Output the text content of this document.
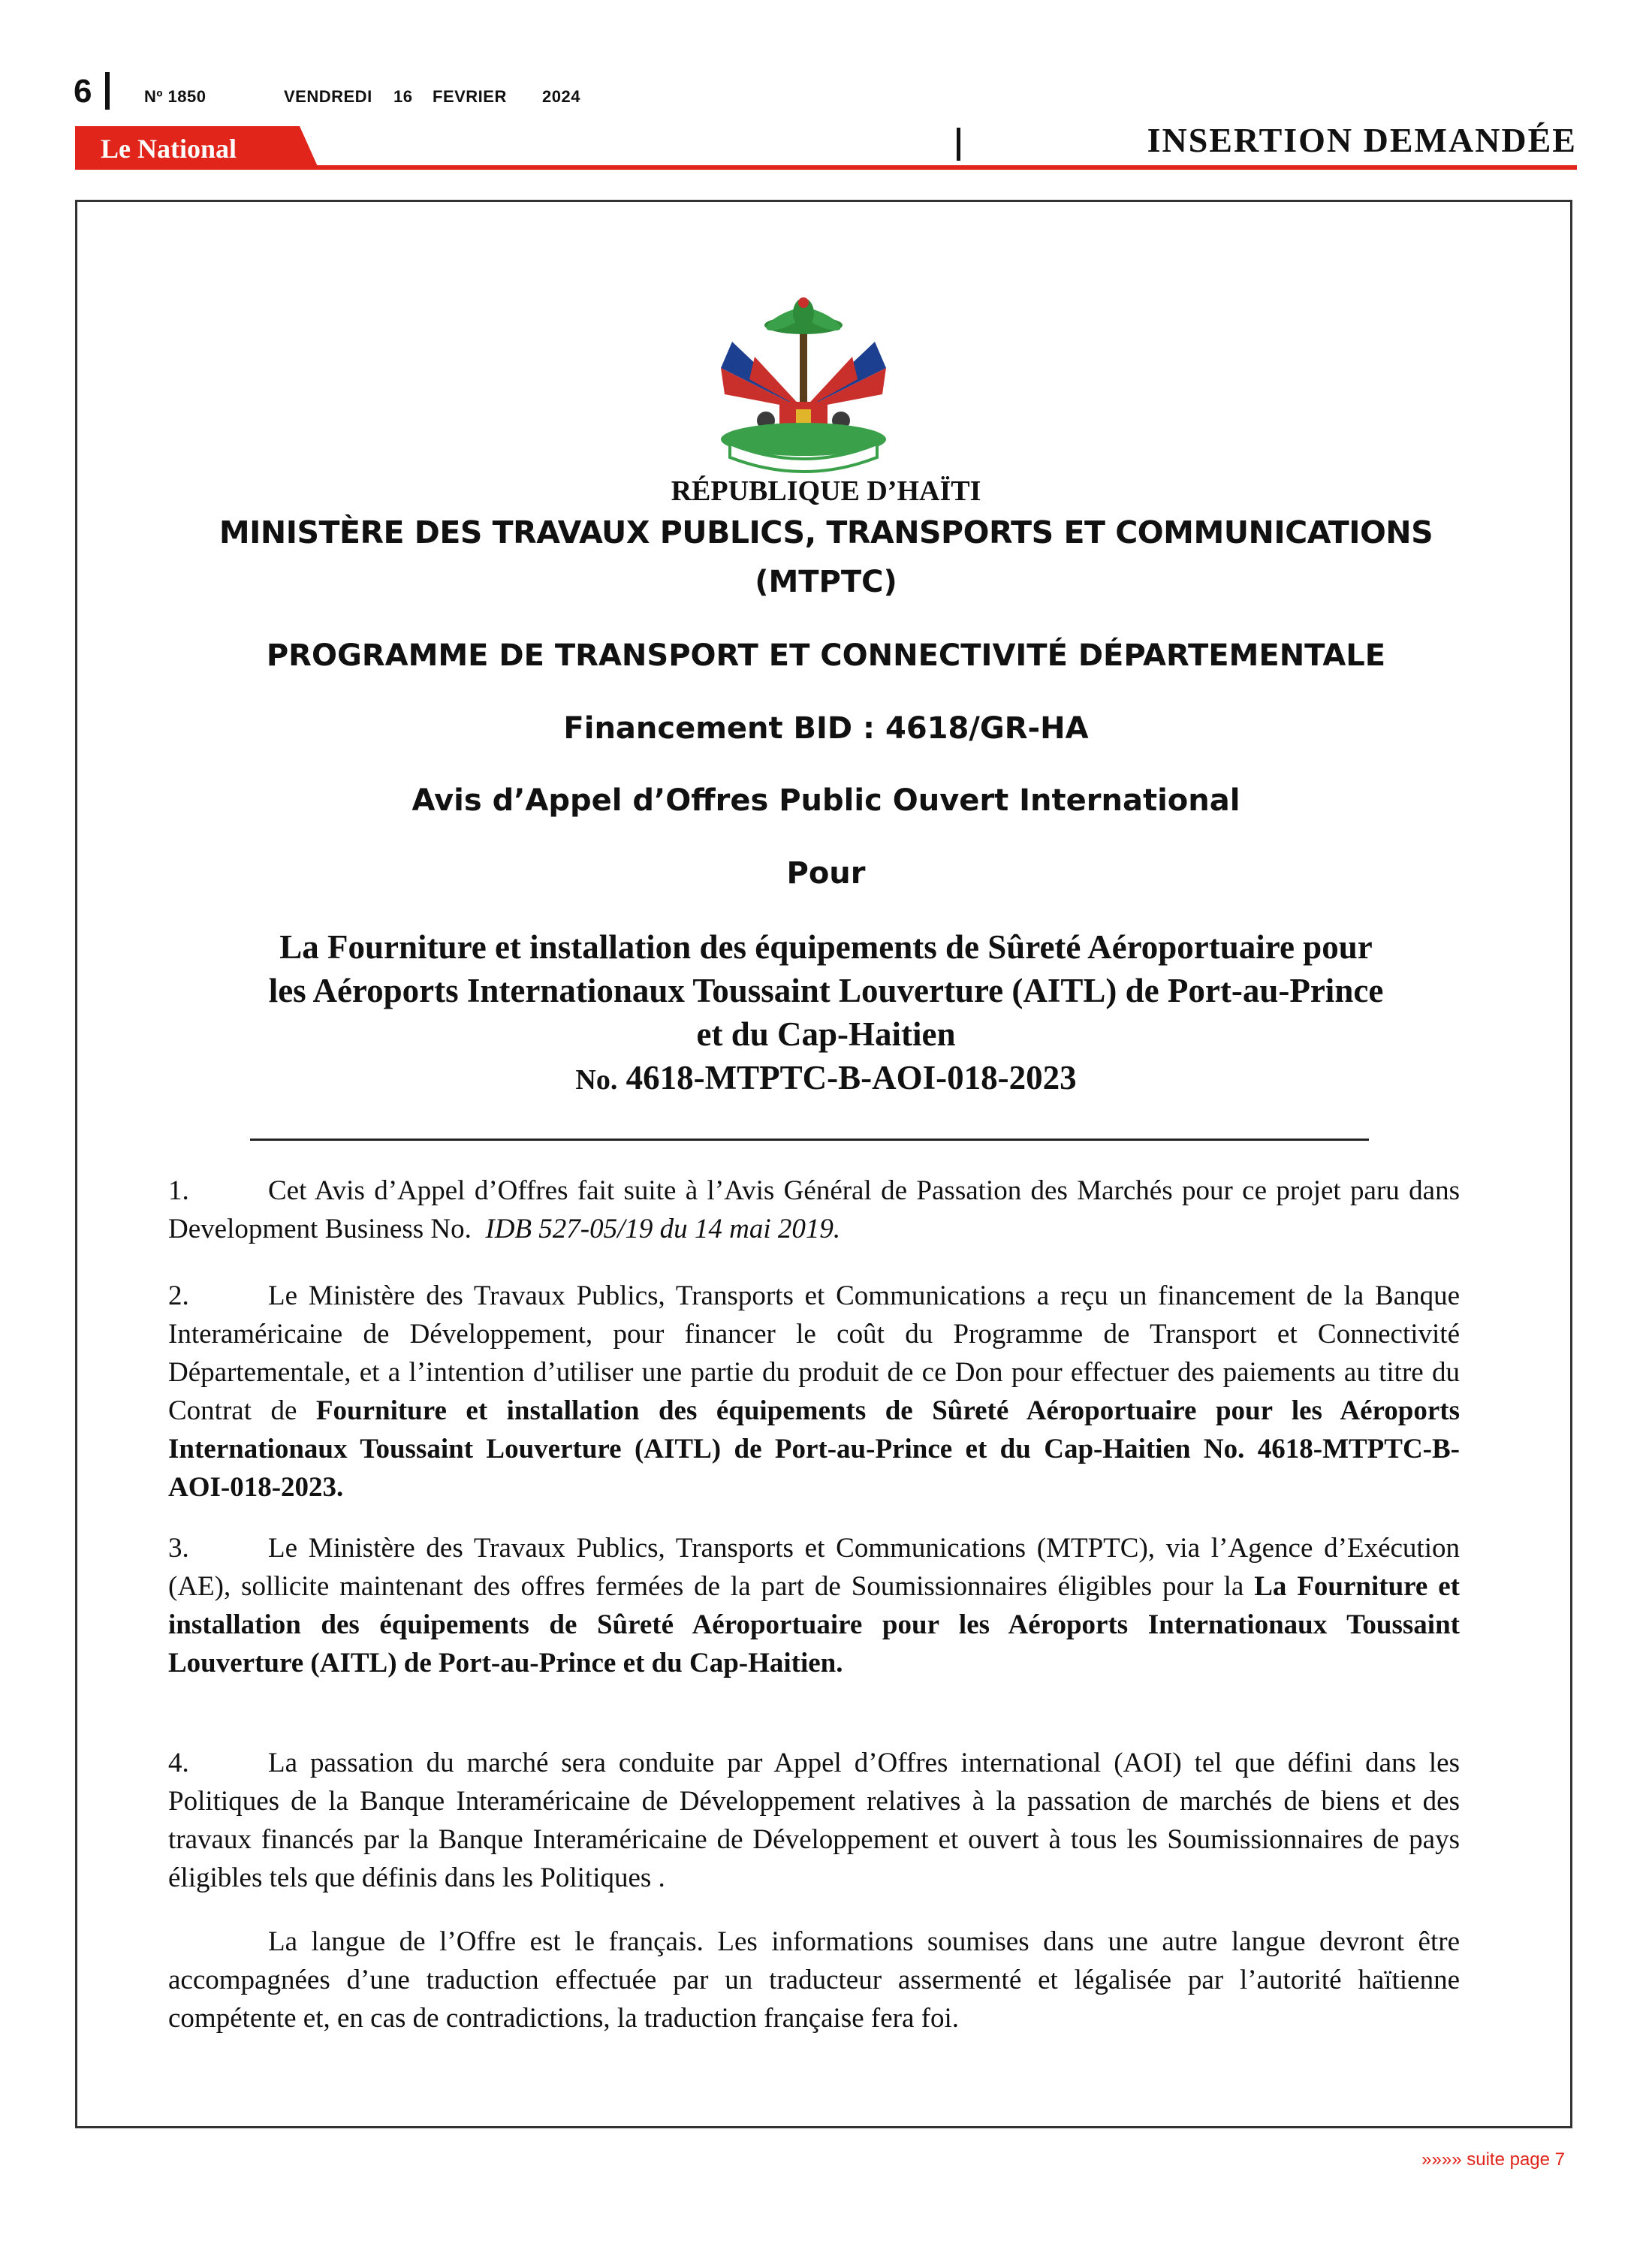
6	Nº 1850	VENDREDI 16 FEVRIER 2024
Le National	INSERTION DEMANDÉE
RÉPUBLIQUE D’HAÏTI
MINISTÈRE DES TRAVAUX PUBLICS, TRANSPORTS ET COMMUNICATIONS
(MTPTC)
PROGRAMME DE TRANSPORT ET CONNECTIVITÉ DÉPARTEMENTALE
Financement BID : 4618/GR-HA
Avis d’Appel d’Offres Public Ouvert International
Pour
La Fourniture et installation des équipements de Sûreté Aéroportuaire pour
les Aéroports Internationaux Toussaint Louverture (AITL) de Port-au-Prince
et du Cap-Haitien
No. 4618-MTPTC-B-AOI-018-2023
1.	Cet Avis d’Appel d’Offres fait suite à l’Avis Général de Passation des Marchés pour ce projet paru dans Development Business No. IDB 527-05/19 du 14 mai 2019.
2.	Le Ministère des Travaux Publics, Transports et Communications a reçu un financement de la Banque Interaméricaine de Développement, pour financer le coût du Programme de Transport et Connectivité Départementale, et a l’intention d’utiliser une partie du produit de ce Don pour effectuer des paiements au titre du Contrat de Fourniture et installation des équipements de Sûreté Aéroportuaire pour les Aéroports Internationaux Toussaint Louverture (AITL) de Port-au-Prince et du Cap-Haitien No. 4618-MTPTC-B-AOI-018-2023.
3.	Le Ministère des Travaux Publics, Transports et Communications (MTPTC), via l’Agence d’Exécution (AE), sollicite maintenant des offres fermées de la part de Soumissionnaires éligibles pour la La Fourniture et installation des équipements de Sûreté Aéroportuaire pour les Aéroports Internationaux Toussaint Louverture (AITL) de Port-au-Prince et du Cap-Haitien.
4.	La passation du marché sera conduite par Appel d’Offres international (AOI) tel que défini dans les Politiques de la Banque Interaméricaine de Développement relatives à la passation de marchés de biens et des travaux financés par la Banque Interaméricaine de Développement et ouvert à tous les Soumissionnaires de pays éligibles tels que définis dans les Politiques .
La langue de l’Offre est le français. Les informations soumises dans une autre langue devront être accompagnées d’une traduction effectuée par un traducteur assermenté et légalisée par l’autorité haïtienne compétente et, en cas de contradictions, la traduction française fera foi.
»»»» suite page 7
